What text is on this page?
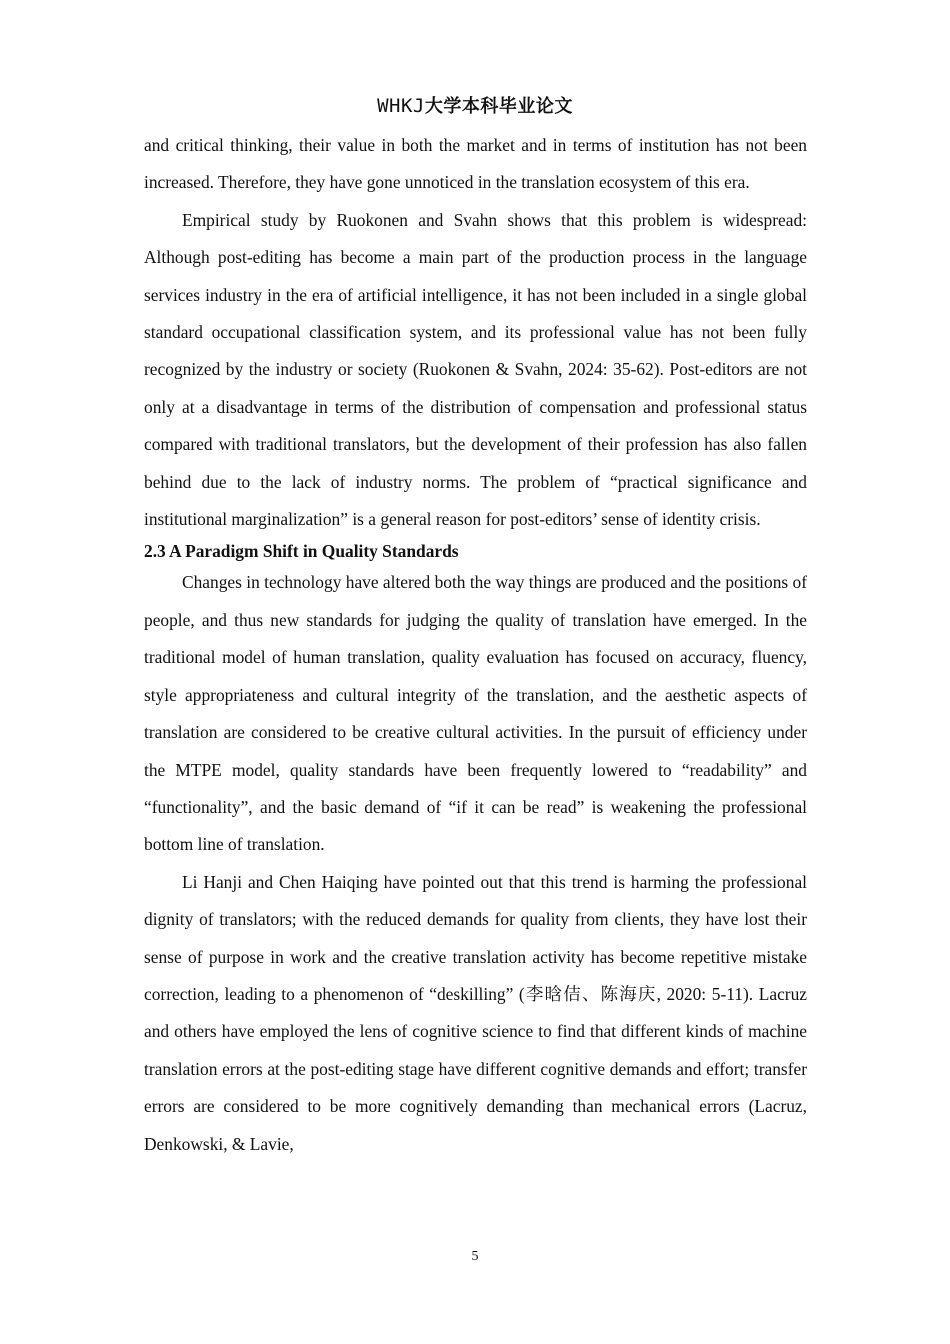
WHKJ大学本科毕业论文

and critical thinking, their value in both the market and in terms of institution has not been increased. Therefore, they have gone unnoticed in the translation ecosystem of this era.

Empirical study by Ruokonen and Svahn shows that this problem is widespread: Although post-editing has become a main part of the production process in the language services industry in the era of artificial intelligence, it has not been included in a single global standard occupational classification system, and its professional value has not been fully recognized by the industry or society (Ruokonen & Svahn, 2024: 35-62). Post-editors are not only at a disadvantage in terms of the distribution of compensation and professional status compared with traditional translators, but the development of their profession has also fallen behind due to the lack of industry norms. The problem of “practical significance and institutional marginalization” is a general reason for post-editors’ sense of identity crisis.

2.3 A Paradigm Shift in Quality Standards

Changes in technology have altered both the way things are produced and the positions of people, and thus new standards for judging the quality of translation have emerged. In the traditional model of human translation, quality evaluation has focused on accuracy, fluency, style appropriateness and cultural integrity of the translation, and the aesthetic aspects of translation are considered to be creative cultural activities. In the pursuit of efficiency under the MTPE model, quality standards have been frequently lowered to “readability” and “functionality”, and the basic demand of “if it can be read” is weakening the professional bottom line of translation.

Li Hanji and Chen Haiqing have pointed out that this trend is harming the professional dignity of translators; with the reduced demands for quality from clients, they have lost their sense of purpose in work and the creative translation activity has become repetitive mistake correction, leading to a phenomenon of “deskilling” (李晗佶、陈海庆, 2020: 5-11). Lacruz and others have employed the lens of cognitive science to find that different kinds of machine translation errors at the post-editing stage have different cognitive demands and effort; transfer errors are considered to be more cognitively demanding than mechanical errors (Lacruz, Denkowski, & Lavie,

5
